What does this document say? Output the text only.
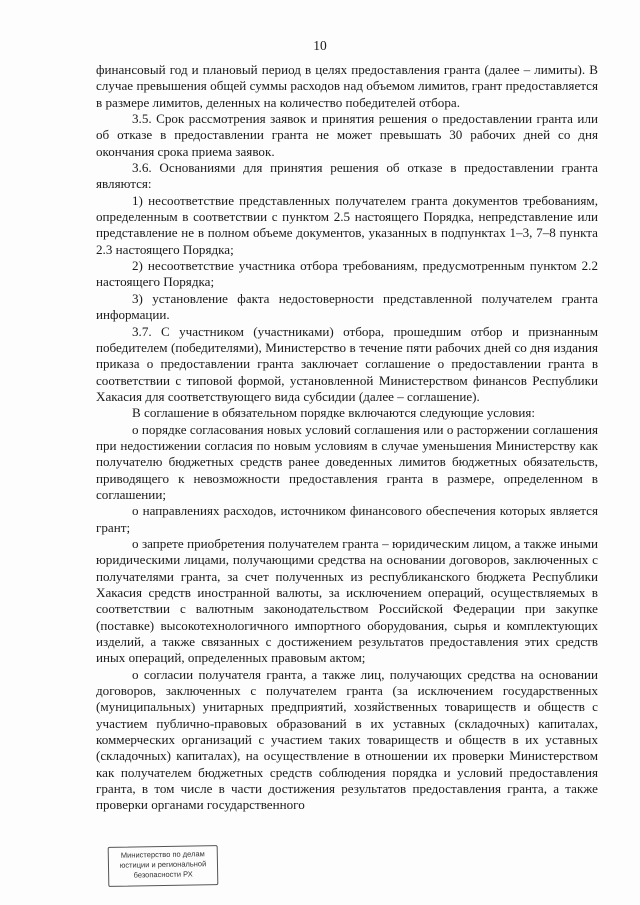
10

финансовый год и плановый период в целях предоставления гранта (далее – лимиты). В случае превышения общей суммы расходов над объемом лимитов, грант предоставляется в размере лимитов, деленных на количество победителей отбора.

3.5. Срок рассмотрения заявок и принятия решения о предоставлении гранта или об отказе в предоставлении гранта не может превышать 30 рабочих дней со дня окончания срока приема заявок.

3.6. Основаниями для принятия решения об отказе в предоставлении гранта являются:

1) несоответствие представленных получателем гранта документов требованиям, определенным в соответствии с пунктом 2.5 настоящего Порядка, непредставление или представление не в полном объеме документов, указанных в подпунктах 1–3, 7–8 пункта 2.3 настоящего Порядка;

2) несоответствие участника отбора требованиям, предусмотренным пунктом 2.2 настоящего Порядка;

3) установление факта недостоверности представленной получателем гранта информации.

3.7. С участником (участниками) отбора, прошедшим отбор и признанным победителем (победителями), Министерство в течение пяти рабочих дней со дня издания приказа о предоставлении гранта заключает соглашение о предоставлении гранта в соответствии с типовой формой, установленной Министерством финансов Республики Хакасия для соответствующего вида субсидии (далее – соглашение).

В соглашение в обязательном порядке включаются следующие условия:

о порядке согласования новых условий соглашения или о расторжении соглашения при недостижении согласия по новым условиям в случае уменьшения Министерству как получателю бюджетных средств ранее доведенных лимитов бюджетных обязательств, приводящего к невозможности предоставления гранта в размере, определенном в соглашении;

о направлениях расходов, источником финансового обеспечения которых является грант;

о запрете приобретения получателем гранта – юридическим лицом, а также иными юридическими лицами, получающими средства на основании договоров, заключенных с получателями гранта, за счет полученных из республиканского бюджета Республики Хакасия средств иностранной валюты, за исключением операций, осуществляемых в соответствии с валютным законодательством Российской Федерации при закупке (поставке) высокотехнологичного импортного оборудования, сырья и комплектующих изделий, а также связанных с достижением результатов предоставления этих средств иных операций, определенных правовым актом;

о согласии получателя гранта, а также лиц, получающих средства на основании договоров, заключенных с получателем гранта (за исключением государственных (муниципальных) унитарных предприятий, хозяйственных товариществ и обществ с участием публично-правовых образований в их уставных (складочных) капиталах, коммерческих организаций с участием таких товариществ и обществ в их уставных (складочных) капиталах), на осуществление в отношении их проверки Министерством как получателем бюджетных средств соблюдения порядка и условий предоставления гранта, в том числе в части достижения результатов предоставления гранта, а также проверки органами государственного

Министерство по делам
юстиции и региональной
безопасности РХ
